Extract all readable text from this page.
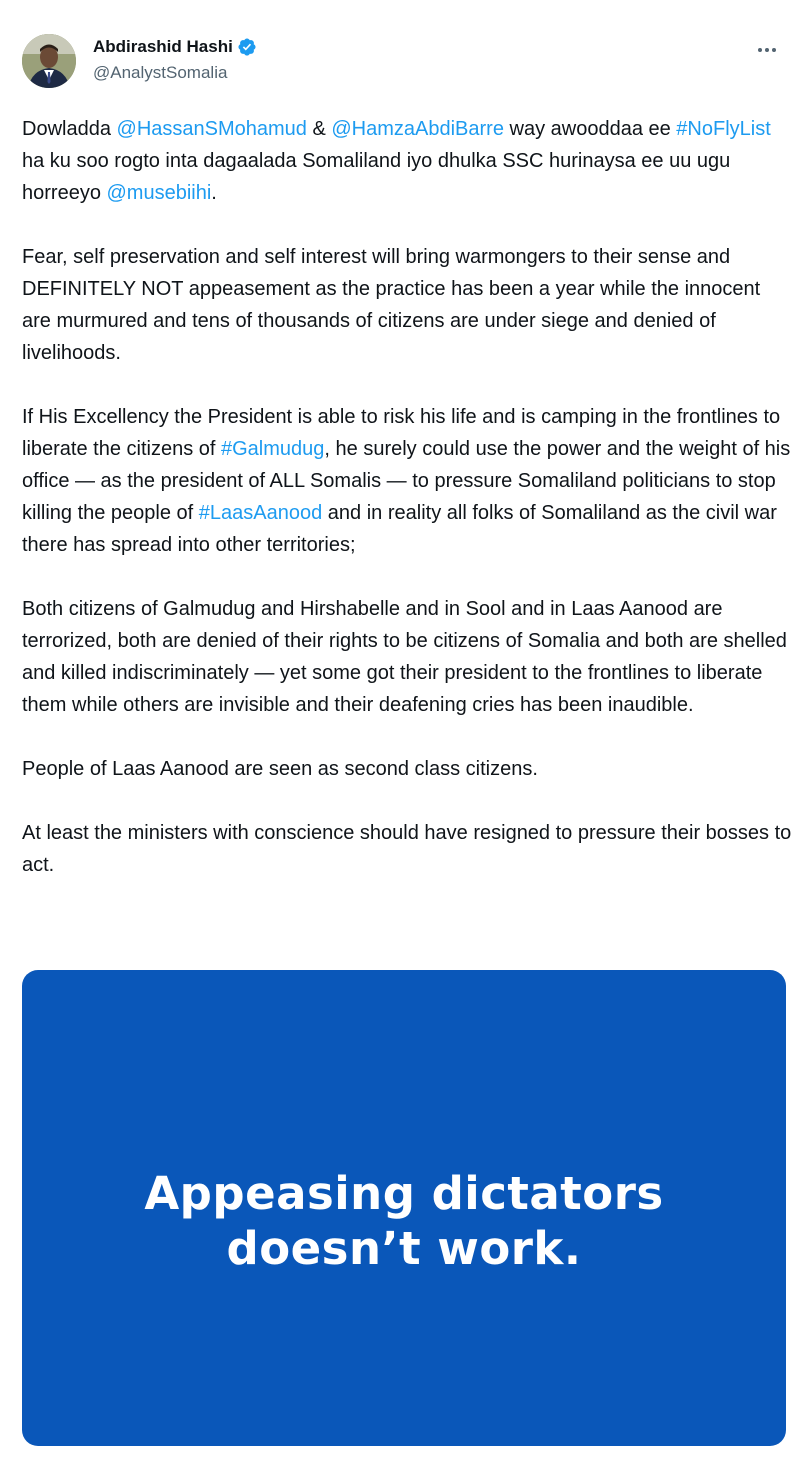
Abdirashid Hashi
@AnalystSomalia

Dowladda @HassanSMohamud & @HamzaAbdiBarre way awooddaa ee #NoFlyList ha ku soo rogto inta dagaalada Somaliland iyo dhulka SSC hurinaysa ee uu ugu horreeyo @musebiihi.

Fear, self preservation and self interest will bring warmongers to their sense and DEFINITELY NOT appeasement as the practice has been a year while the innocent are murmured and tens of thousands of citizens are under siege and denied of livelihoods.

If His Excellency the President is able to risk his life and is camping in the frontlines to liberate the citizens of #Galmudug, he surely could use the power and the weight of his office — as the president of ALL Somalis — to pressure Somaliland politicians to stop killing the people of #LaasAanood and in reality all folks of Somaliland as the civil war there has spread into other territories;

Both citizens of Galmudug and Hirshabelle and in Sool and in Laas Aanood are terrorized, both are denied of their rights to be citizens of Somalia and both are shelled and killed indiscriminately — yet some got their president to the frontlines to liberate them while others are invisible and their deafening cries has been inaudible.

People of Laas Aanood are seen as second class citizens.

At least the ministers with conscience should have resigned to pressure their bosses to act.

Appeasing dictators
doesn’t work.
